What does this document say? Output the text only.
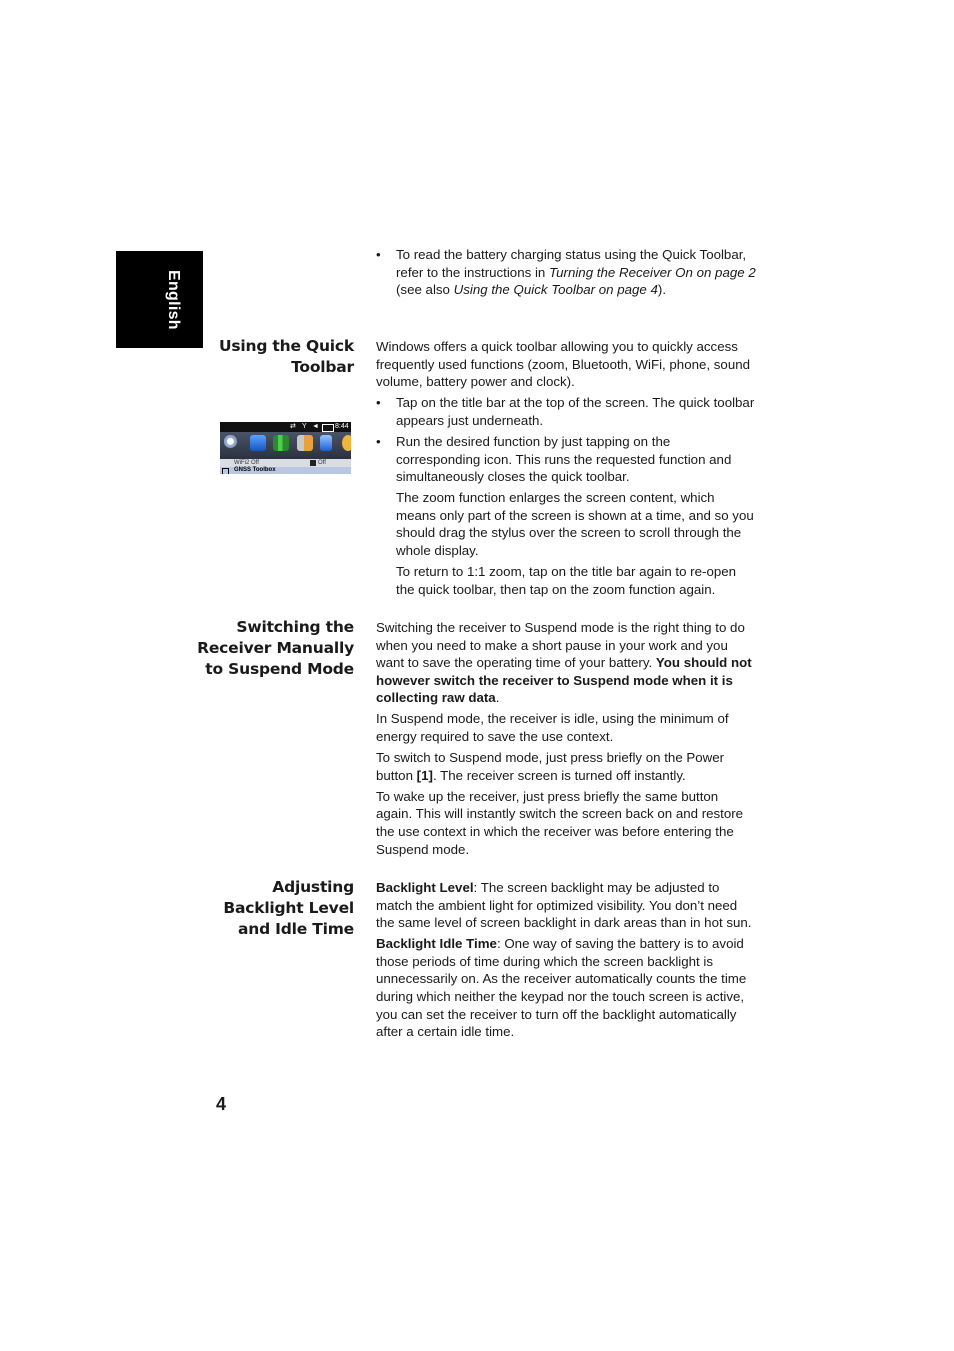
English
• To read the battery charging status using the Quick Toolbar, refer to the instructions in Turning the Receiver On on page 2 (see also Using the Quick Toolbar on page 4).
Using the Quick
Toolbar

Windows offers a quick toolbar allowing you to quickly access frequently used functions (zoom, Bluetooth, WiFi, phone, sound volume, battery power and clock).

• Tap on the title bar at the top of the screen. The quick toolbar appears just underneath.
• Run the desired function by just tapping on the corresponding icon. This runs the requested function and simultaneously closes the quick toolbar.
The zoom function enlarges the screen content, which means only part of the screen is shown at a time, and so you should drag the stylus over the screen to scroll through the whole display.
To return to 1:1 zoom, tap on the title bar again to re-open the quick toolbar, then tap on the zoom function again.
⇄ Y ◄ 8:44
WiFi2 Off	Off
GNSS Toolbox
Switching the
Receiver Manually
to Suspend Mode

Switching the receiver to Suspend mode is the right thing to do when you need to make a short pause in your work and you want to save the operating time of your battery. You should not however switch the receiver to Suspend mode when it is collecting raw data.

In Suspend mode, the receiver is idle, using the minimum of energy required to save the use context.

To switch to Suspend mode, just press briefly on the Power button [1]. The receiver screen is turned off instantly.

To wake up the receiver, just press briefly the same button again. This will instantly switch the screen back on and restore the use context in which the receiver was before entering the Suspend mode.

Adjusting
Backlight Level
and Idle Time

Backlight Level: The screen backlight may be adjusted to match the ambient light for optimized visibility. You don’t need the same level of screen backlight in dark areas than in hot sun.

Backlight Idle Time: One way of saving the battery is to avoid those periods of time during which the screen backlight is unnecessarily on. As the receiver automatically counts the time during which neither the keypad nor the touch screen is active, you can set the receiver to turn off the backlight automatically after a certain idle time.

4
